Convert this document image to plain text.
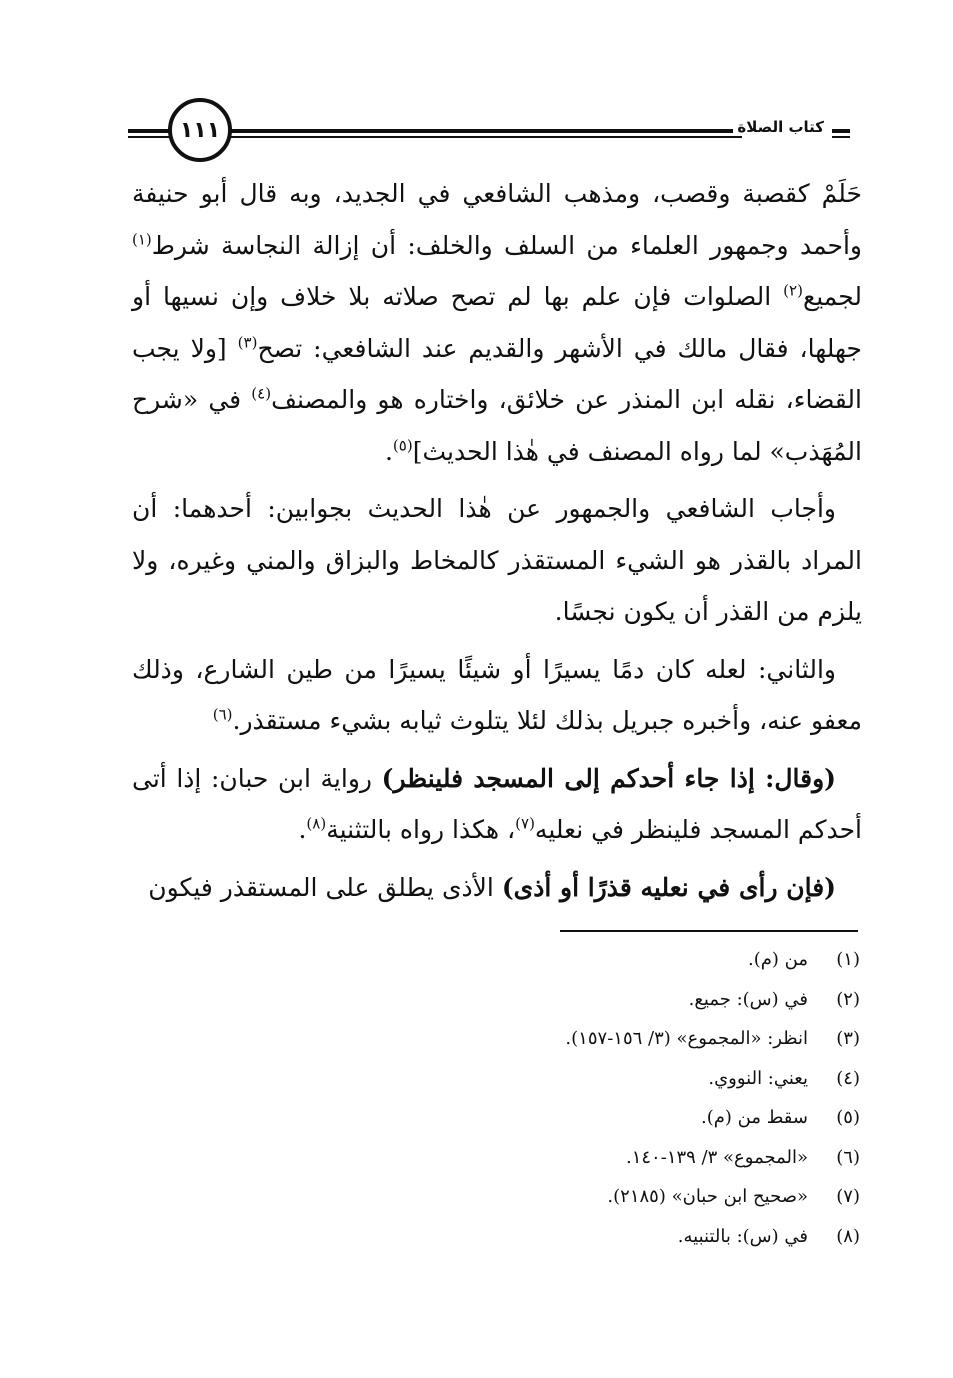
١١١	كتاب الصلاة

حَلَمْ كقصبة وقصب، ومذهب الشافعي في الجديد، وبه قال أبو حنيفة وأحمد وجمهور العلماء من السلف والخلف: أن إزالة النجاسة شرط$^{(١)}$ لجميع$^{(٢)}$ الصلوات فإن علم بها لم تصح صلاته بلا خلاف وإن نسيها أو جهلها، فقال مالك في الأشهر والقديم عند الشافعي: تصح$^{(٣)}$ [ولا يجب القضاء، نقله ابن المنذر عن خلائق، واختاره هو والمصنف$^{(٤)}$ في «شرح المُهَذب» لما رواه المصنف في هٰذا الحديث]$^{(٥)}$.

وأجاب الشافعي والجمهور عن هٰذا الحديث بجوابين: أحدهما: أن المراد بالقذر هو الشيء المستقذر كالمخاط والبزاق والمني وغيره، ولا يلزم من القذر أن يكون نجسًا.

والثاني: لعله كان دمًا يسيرًا أو شيئًا يسيرًا من طين الشارع، وذلك معفو عنه، وأخبره جبريل بذلك لئلا يتلوث ثيابه بشيء مستقذر.$^{(٦)}$

(وقال: إذا جاء أحدكم إلى المسجد فلينظر) رواية ابن حبان: إذا أتى أحدكم المسجد فلينظر في نعليه$^{(٧)}$، هكذا رواه بالتثنية$^{(٨)}$.

(فإن رأى في نعليه قذرًا أو أذى) الأذى يطلق على المستقذر فيكون

(١)
من (م).
(٢)
في (س): جميع.
(٣)
انظر: «المجموع» (٣/ ١٥٦-١٥٧).
(٤)
يعني: النووي.
(٥)
سقط من (م).
(٦)
«المجموع» ٣/ ١٣٩-١٤٠.
(٧)
«صحيح ابن حبان» (٢١٨٥).
(٨)
في (س): بالتنبيه.
